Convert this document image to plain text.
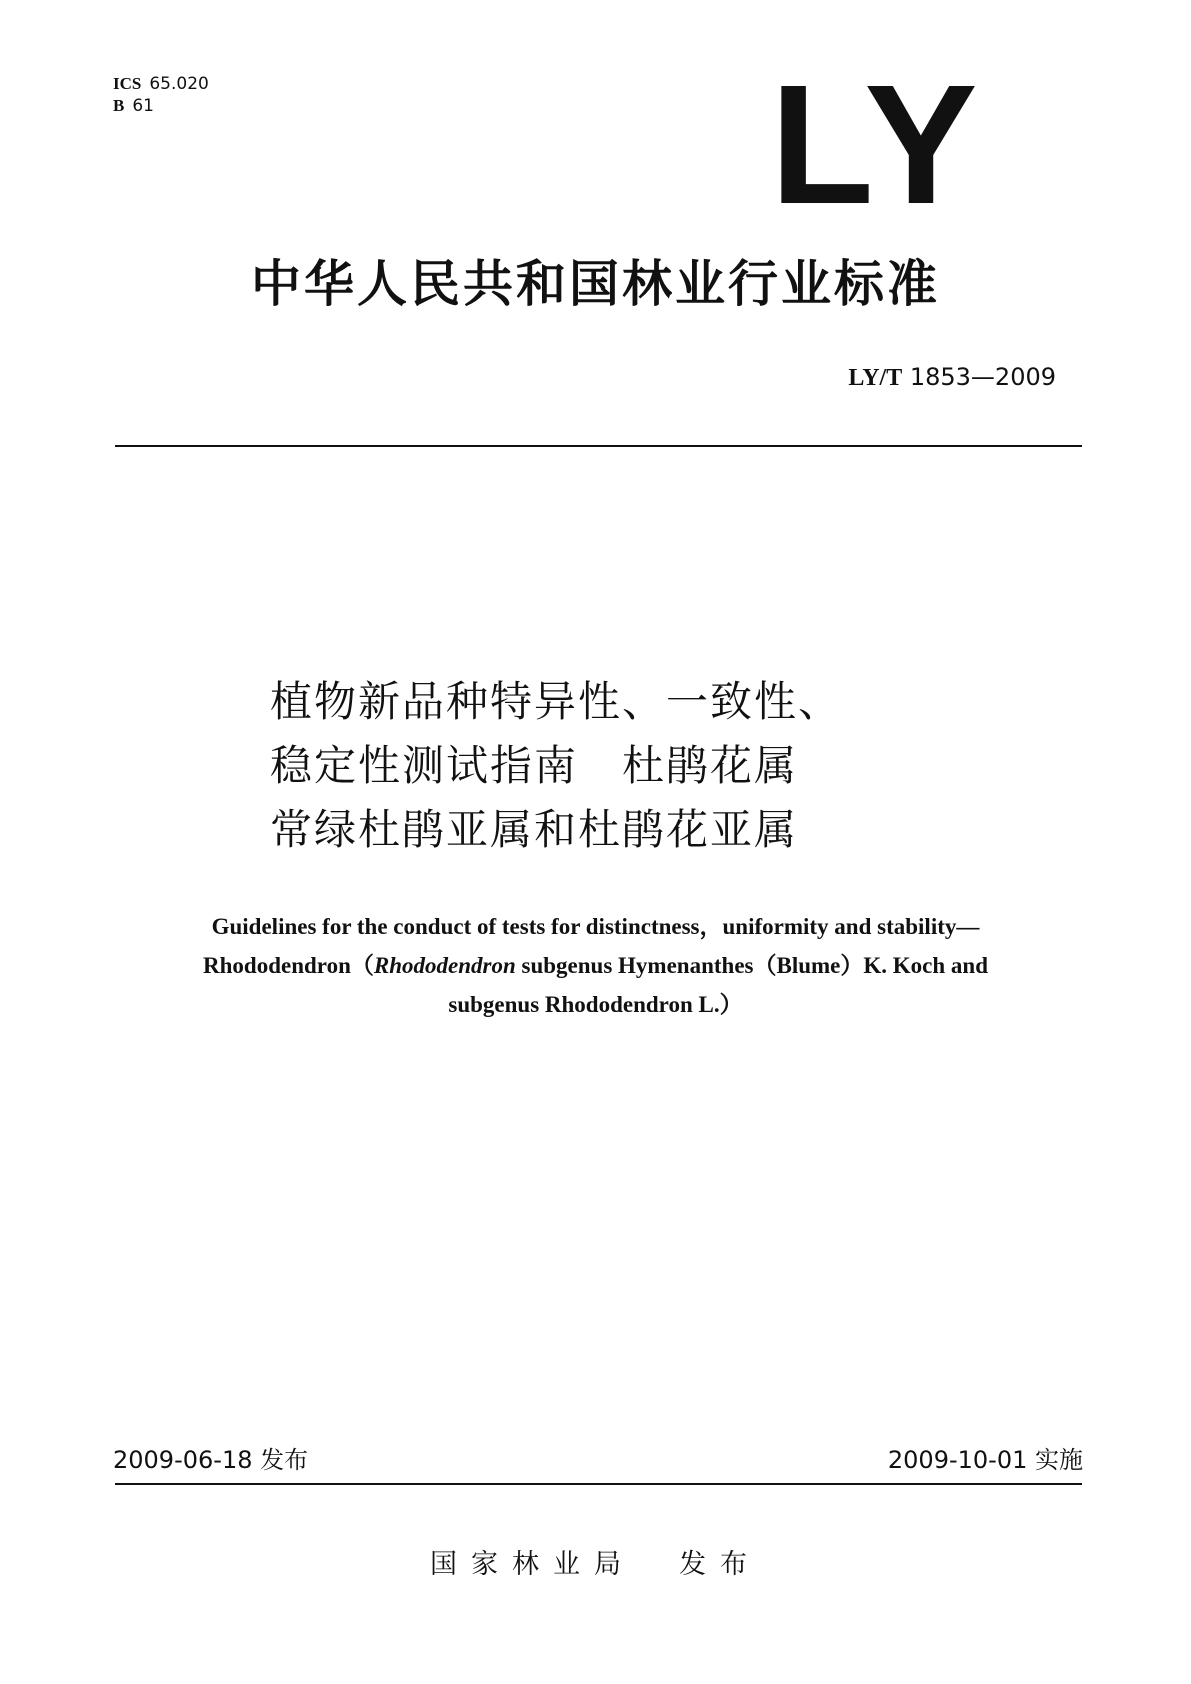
ICS 65.020
B 61	LY
中华人民共和国林业行业标准
LY/T 1853—2009
植物新品种特异性、一致性、
稳定性测试指南　杜鹃花属
常绿杜鹃亚属和杜鹃花亚属
Guidelines for the conduct of tests for distinctness，uniformity and stability—
Rhododendron（Rhododendron subgenus Hymenanthes（Blume）K. Koch and
subgenus Rhododendron L.）
2009-06-18 发布	2009-10-01 实施
国家林业局 发布
